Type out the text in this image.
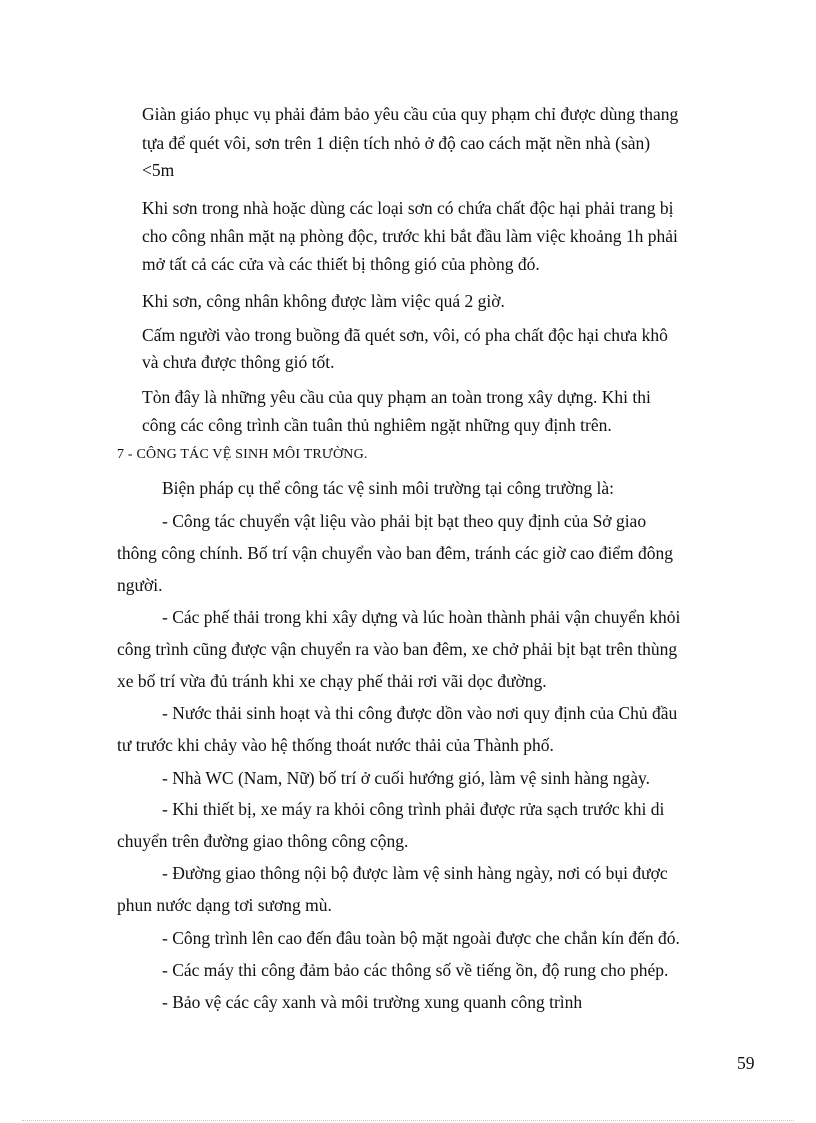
Giàn giáo phục vụ phải đảm bảo yêu cầu của quy phạm chỉ được dùng thang

tựa để quét vôi, sơn trên 1 diện tích nhỏ ở độ cao cách mặt nền nhà (sàn)

<5m

Khi sơn trong nhà hoặc dùng các loại sơn có chứa chất độc hại phải trang bị

cho công nhân mặt nạ phòng độc, trước khi bắt đầu làm việc khoảng 1h phải

mở tất cả các cửa và các thiết bị thông gió của phòng đó.

Khi sơn, công nhân không được làm việc quá 2 giờ.

Cấm người vào trong buồng đã quét sơn, vôi, có pha chất độc hại chưa khô

và chưa được thông gió tốt.

Tòn đây là những yêu cầu của quy phạm an toàn trong xây dựng. Khi thi

công các công trình cần tuân thủ nghiêm ngặt những quy định trên.

7 - CÔNG TÁC VỆ SINH MÔI TRƯỜNG.

Biện pháp cụ thể công tác vệ sinh môi trường tại công trường là:

- Công tác chuyển vật liệu vào phải bịt bạt theo quy định của Sở giao

thông công chính. Bố trí vận chuyển vào ban đêm, tránh các giờ cao điểm đông

người.

- Các phế thải trong khi xây dựng và lúc hoàn thành phải vận chuyển khỏi

công trình cũng được vận chuyển ra vào ban đêm, xe chở phải bịt bạt trên thùng

xe bố trí vừa đủ tránh khi xe chạy phế thải rơi vãi dọc đường.

- Nước thải sinh hoạt và thi công được dồn vào nơi quy định của Chủ đầu

tư trước khi chảy vào hệ thống thoát nước thải của Thành phố.

- Nhà WC (Nam, Nữ) bố trí ở cuối hướng gió, làm vệ sinh hàng ngày.

- Khi thiết bị, xe máy ra khỏi công trình phải được rửa sạch trước khi di

chuyển trên đường giao thông công cộng.

- Đường giao thông nội bộ được làm vệ sinh hàng ngày, nơi có bụi được

phun nước dạng tơi sương mù.

- Công trình lên cao đến đâu toàn bộ mặt ngoài được che chắn kín đến đó.

- Các máy thi công đảm bảo các thông số về tiếng ồn, độ rung cho phép.

- Bảo vệ các cây xanh và môi trường xung quanh công trình

59
